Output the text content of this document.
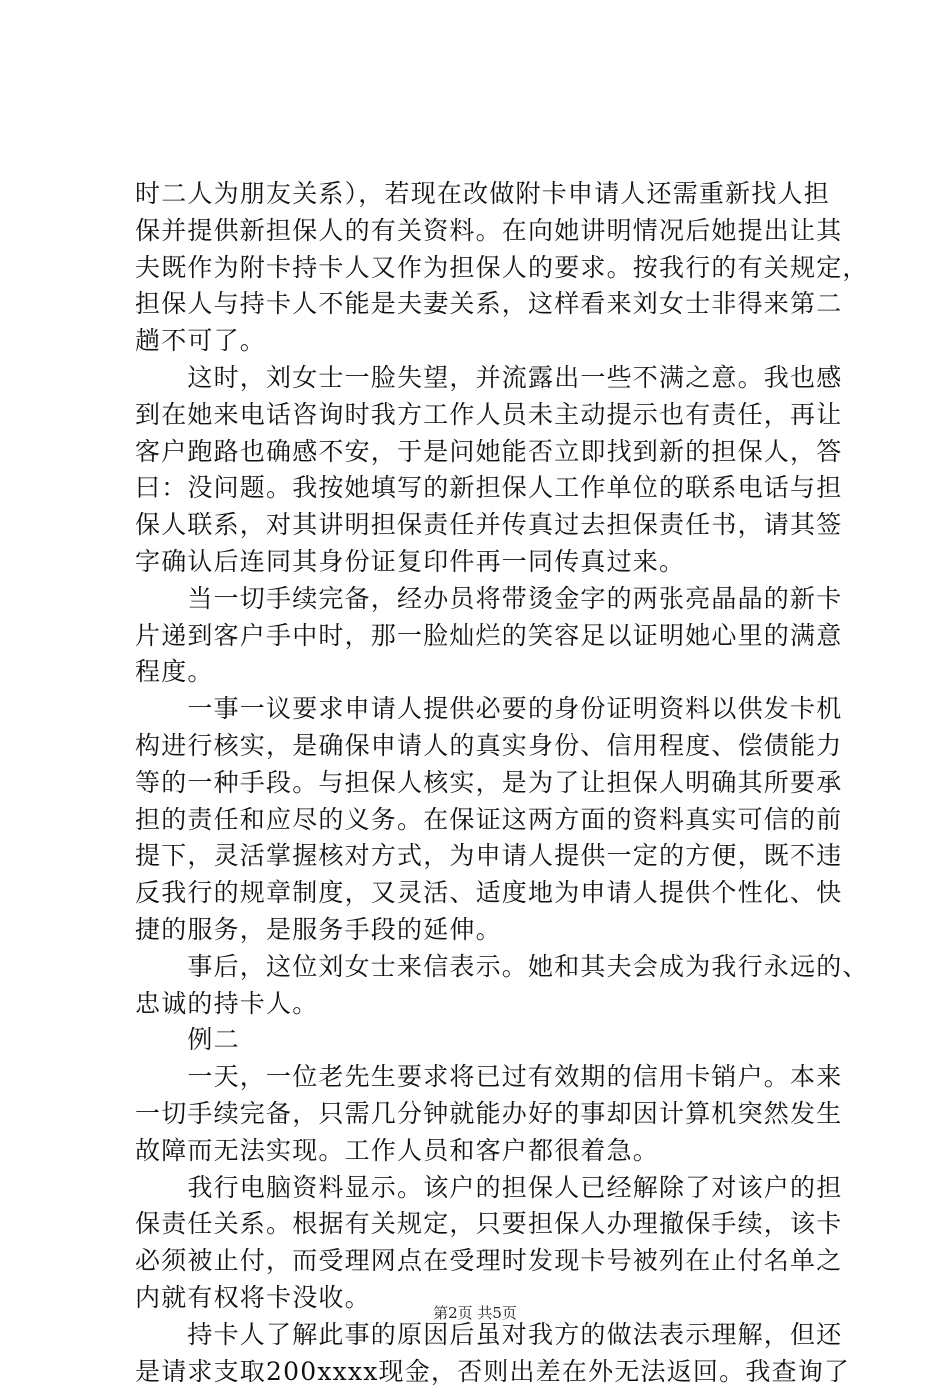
时二人为朋友关系），若现在改做附卡申请人还需重新找人担
保并提供新担保人的有关资料。在向她讲明情况后她提出让其
夫既作为附卡持卡人又作为担保人的要求。按我行的有关规定，
担保人与持卡人不能是夫妻关系，这样看来刘女士非得来第二
趟不可了。
　　这时，刘女士一脸失望，并流露出一些不满之意。我也感
到在她来电话咨询时我方工作人员未主动提示也有责任，再让
客户跑路也确感不安，于是问她能否立即找到新的担保人，答
曰：没问题。我按她填写的新担保人工作单位的联系电话与担
保人联系，对其讲明担保责任并传真过去担保责任书，请其签
字确认后连同其身份证复印件再一同传真过来。
　　当一切手续完备，经办员将带烫金字的两张亮晶晶的新卡
片递到客户手中时，那一脸灿烂的笑容足以证明她心里的满意
程度。
　　一事一议要求申请人提供必要的身份证明资料以供发卡机
构进行核实，是确保申请人的真实身份、信用程度、偿债能力
等的一种手段。与担保人核实，是为了让担保人明确其所要承
担的责任和应尽的义务。在保证这两方面的资料真实可信的前
提下，灵活掌握核对方式，为申请人提供一定的方便，既不违
反我行的规章制度，又灵活、适度地为申请人提供个性化、快
捷的服务，是服务手段的延伸。
　　事后，这位刘女士来信表示。她和其夫会成为我行永远的、
忠诚的持卡人。
　　例二
　　一天，一位老先生要求将已过有效期的信用卡销户。本来
一切手续完备，只需几分钟就能办好的事却因计算机突然发生
故障而无法实现。工作人员和客户都很着急。
　　我行电脑资料显示。该户的担保人已经解除了对该户的担
保责任关系。根据有关规定，只要担保人办理撤保手续，该卡
必须被止付，而受理网点在受理时发现卡号被列在止付名单之
内就有权将卡没收。
　　持卡人了解此事的原因后虽对我方的做法表示理解，但还
是请求支取200xxxx现金，否则出差在外无法返回。我查询了
第2页 共5页
